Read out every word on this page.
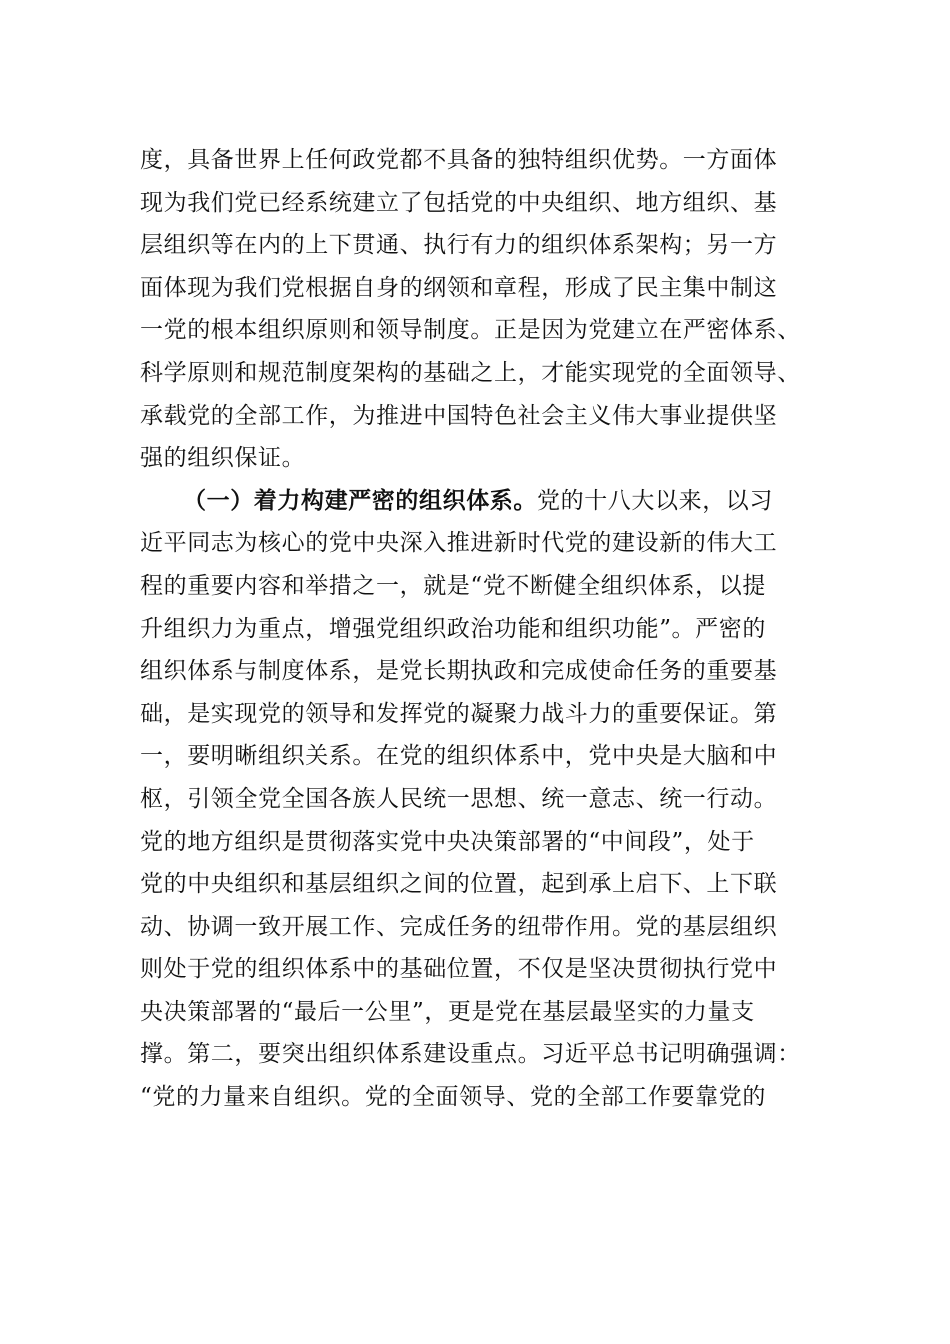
度，具备世界上任何政党都不具备的独特组织优势。一方面体
现为我们党已经系统建立了包括党的中央组织、地方组织、基
层组织等在内的上下贯通、执行有力的组织体系架构；另一方
面体现为我们党根据自身的纲领和章程，形成了民主集中制这
一党的根本组织原则和领导制度。正是因为党建立在严密体系、
科学原则和规范制度架构的基础之上，才能实现党的全面领导、
承载党的全部工作，为推进中国特色社会主义伟大事业提供坚
强的组织保证。
（一）着力构建严密的组织体系。党的十八大以来，以习
近平同志为核心的党中央深入推进新时代党的建设新的伟大工
程的重要内容和举措之一，就是“党不断健全组织体系，以提
升组织力为重点，增强党组织政治功能和组织功能”。严密的
组织体系与制度体系，是党长期执政和完成使命任务的重要基
础，是实现党的领导和发挥党的凝聚力战斗力的重要保证。第
一，要明晰组织关系。在党的组织体系中，党中央是大脑和中
枢，引领全党全国各族人民统一思想、统一意志、统一行动。
党的地方组织是贯彻落实党中央决策部署的“中间段”，处于
党的中央组织和基层组织之间的位置，起到承上启下、上下联
动、协调一致开展工作、完成任务的纽带作用。党的基层组织
则处于党的组织体系中的基础位置，不仅是坚决贯彻执行党中
央决策部署的“最后一公里”，更是党在基层最坚实的力量支
撑。第二，要突出组织体系建设重点。习近平总书记明确强调：
“党的力量来自组织。党的全面领导、党的全部工作要靠党的
